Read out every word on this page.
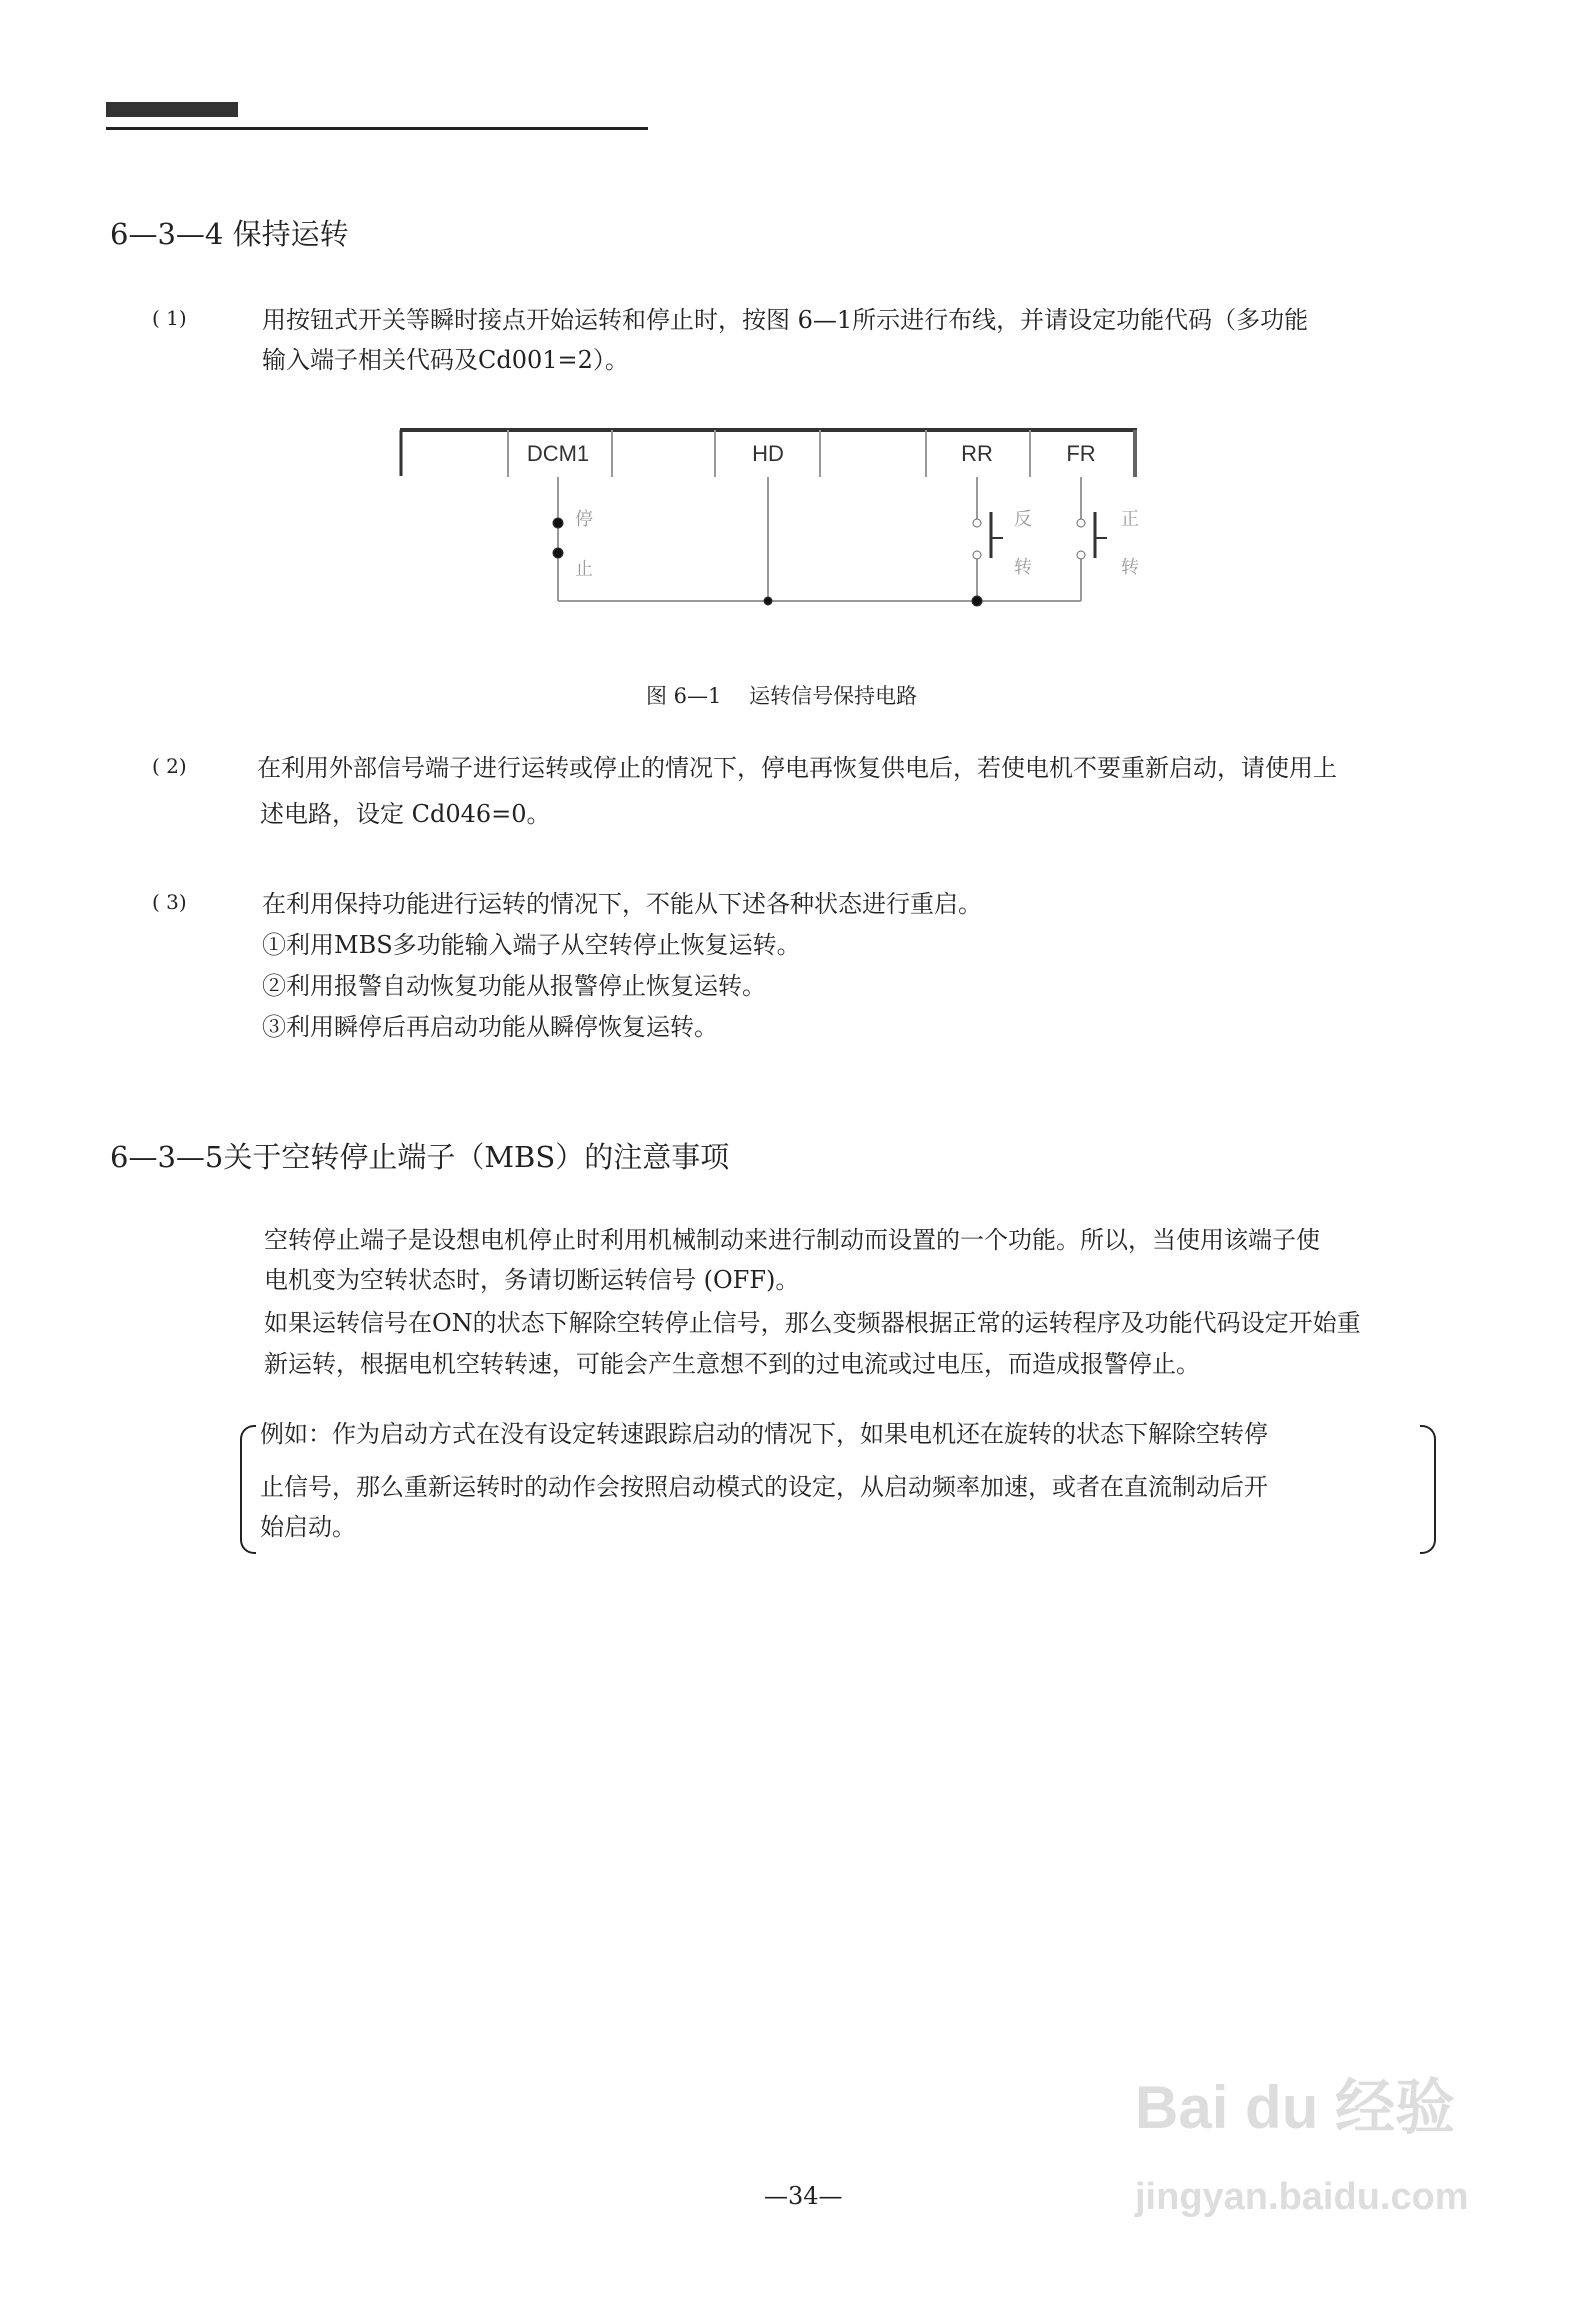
6—3—4 保持运转
( 1)	用按钮式开关等瞬时接点开始运转和停止时，按图 6—1所示进行布线，并请设定功能代码（多功能
输入端子相关代码及Cd001=2）。
DCM1	HD	RR	FR
停
止
反
转
正
转
图 6—1　 运转信号保持电路
( 2)	在利用外部信号端子进行运转或停止的情况下，停电再恢复供电后，若使电机不要重新启动，请使用上
述电路，设定 Cd046=0。
( 3)	在利用保持功能进行运转的情况下，不能从下述各种状态进行重启。
①利用MBS多功能输入端子从空转停止恢复运转。
②利用报警自动恢复功能从报警停止恢复运转。
③利用瞬停后再启动功能从瞬停恢复运转。
6—3—5关于空转停止端子（MBS）的注意事项
空转停止端子是设想电机停止时利用机械制动来进行制动而设置的一个功能。所以，当使用该端子使
电机变为空转状态时，务请切断运转信号 (OFF)。
如果运转信号在ON的状态下解除空转停止信号，那么变频器根据正常的运转程序及功能代码设定开始重
新运转，根据电机空转转速，可能会产生意想不到的过电流或过电压，而造成报警停止。
例如：作为启动方式在没有设定转速跟踪启动的情况下，如果电机还在旋转的状态下解除空转停
止信号，那么重新运转时的动作会按照启动模式的设定，从启动频率加速，或者在直流制动后开
始启动。
—34—
Bai du 经验
jingyan.baidu.com
